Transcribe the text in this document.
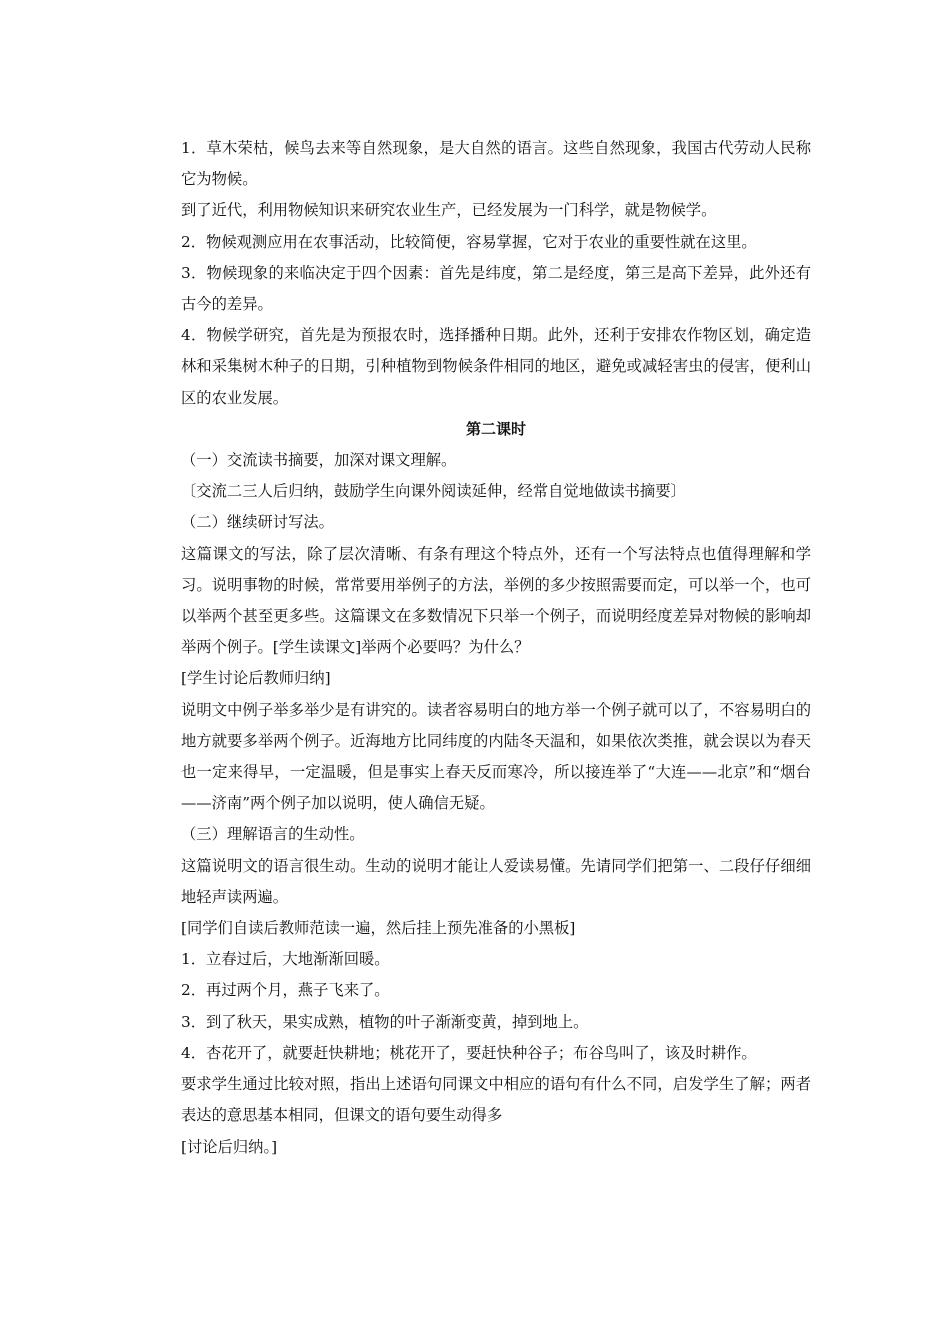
1．草木荣枯，候鸟去来等自然现象，是大自然的语言。这些自然现象，我国古代劳动人民称它为物候。

到了近代，利用物候知识来研究农业生产，已经发展为一门科学，就是物候学。

2．物候观测应用在农事活动，比较简便，容易掌握，它对于农业的重要性就在这里。

3．物候现象的来临决定于四个因素：首先是纬度，第二是经度，第三是高下差异，此外还有古今的差异。

4．物候学研究，首先是为预报农时，选择播种日期。此外，还利于安排农作物区划，确定造林和采集树木种子的日期，引种植物到物候条件相同的地区，避免或减轻害虫的侵害，便利山区的农业发展。

第二课时

（一）交流读书摘要，加深对课文理解。

〔交流二三人后归纳，鼓励学生向课外阅读延伸，经常自觉地做读书摘要〕

（二）继续研讨写法。

这篇课文的写法，除了层次清晰、有条有理这个特点外，还有一个写法特点也值得理解和学习。说明事物的时候，常常要用举例子的方法，举例的多少按照需要而定，可以举一个，也可以举两个甚至更多些。这篇课文在多数情况下只举一个例子，而说明经度差异对物候的影响却举两个例子。[学生读课文]举两个必要吗？为什么？

[学生讨论后教师归纳]

说明文中例子举多举少是有讲究的。读者容易明白的地方举一个例子就可以了，不容易明白的地方就要多举两个例子。近海地方比同纬度的内陆冬天温和，如果依次类推，就会误以为春天也一定来得早，一定温暖，但是事实上春天反而寒冷，所以接连举了“大连——北京”和“烟台——济南”两个例子加以说明，使人确信无疑。

（三）理解语言的生动性。

这篇说明文的语言很生动。生动的说明才能让人爱读易懂。先请同学们把第一、二段仔仔细细地轻声读两遍。

[同学们自读后教师范读一遍，然后挂上预先准备的小黑板]

1．立春过后，大地渐渐回暖。

2．再过两个月，燕子飞来了。

3．到了秋天，果实成熟，植物的叶子渐渐变黄，掉到地上。

4．杏花开了，就要赶快耕地；桃花开了，要赶快种谷子；布谷鸟叫了，该及时耕作。

要求学生通过比较对照，指出上述语句同课文中相应的语句有什么不同，启发学生了解；两者表达的意思基本相同，但课文的语句要生动得多

[讨论后归纳。]
